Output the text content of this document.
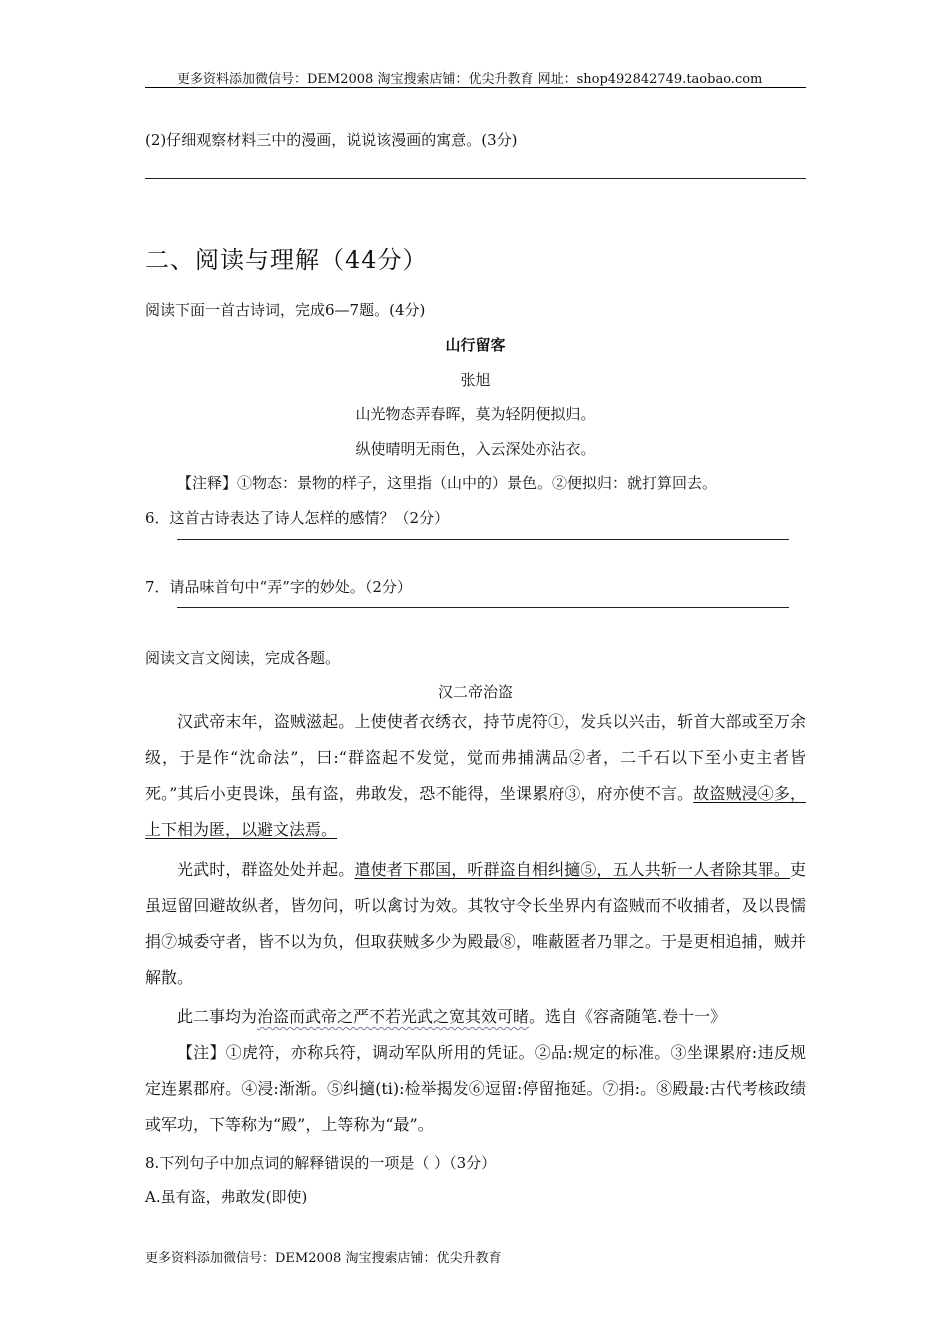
更多资料添加微信号：DEM2008 淘宝搜索店铺：优尖升教育 网址：shop492842749.taobao.com
(2)仔细观察材料三中的漫画，说说该漫画的寓意。(3分)
二、阅读与理解（44分）
阅读下面一首古诗词，完成6—7题。(4分)
山行留客
张旭
山光物态弄春晖，莫为轻阴便拟归。
纵使晴明无雨色，入云深处亦沾衣。
【注释】①物态：景物的样子，这里指（山中的）景色。②便拟归：就打算回去。
6．这首古诗表达了诗人怎样的感情？（2分）
7．请品味首句中“弄”字的妙处。（2分）
阅读文言文阅读，完成各题。
汉二帝治盗
汉武帝末年，盗贼滋起。上使使者衣绣衣，持节虎符①，发兵以兴击，斩首大部或至万余级，于是作“沈命法”，曰:“群盗起不发觉，觉而弗捕满品②者，二千石以下至小吏主者皆死。”其后小吏畏诛，虽有盗，弗敢发，恐不能得，坐课累府③，府亦使不言。故盗贼浸④多，上下相为匿，以避文法焉。
光武时，群盗处处并起。遣使者下郡国，听群盗自相纠擿⑤，五人共斩一人者除其罪。吏虽逗留回避故纵者，皆勿问，听以禽讨为效。其牧守令长坐界内有盗贼而不收捕者，及以畏懦捐⑦城委守者，皆不以为负，但取获贼多少为殿最⑧，唯蔽匿者乃罪之。于是更相追捕，贼并解散。
此二事均为治盗而武帝之严不若光武之宽其效可睹。选自《容斋随笔.卷十一》
【注】①虎符，亦称兵符，调动军队所用的凭证。②品:规定的标准。③坐课累府:违反规定连累郡府。④浸:渐渐。⑤纠擿(ti):检举揭发⑥逗留:停留拖延。⑦捐:。⑧殿最:古代考核政绩或军功，下等称为“殿”，上等称为“最”。
8.下列句子中加点词的解释错误的一项是（ ）（3分）
A.虽有盗，弗敢发(即使)
更多资料添加微信号：DEM2008 淘宝搜索店铺：优尖升教育
